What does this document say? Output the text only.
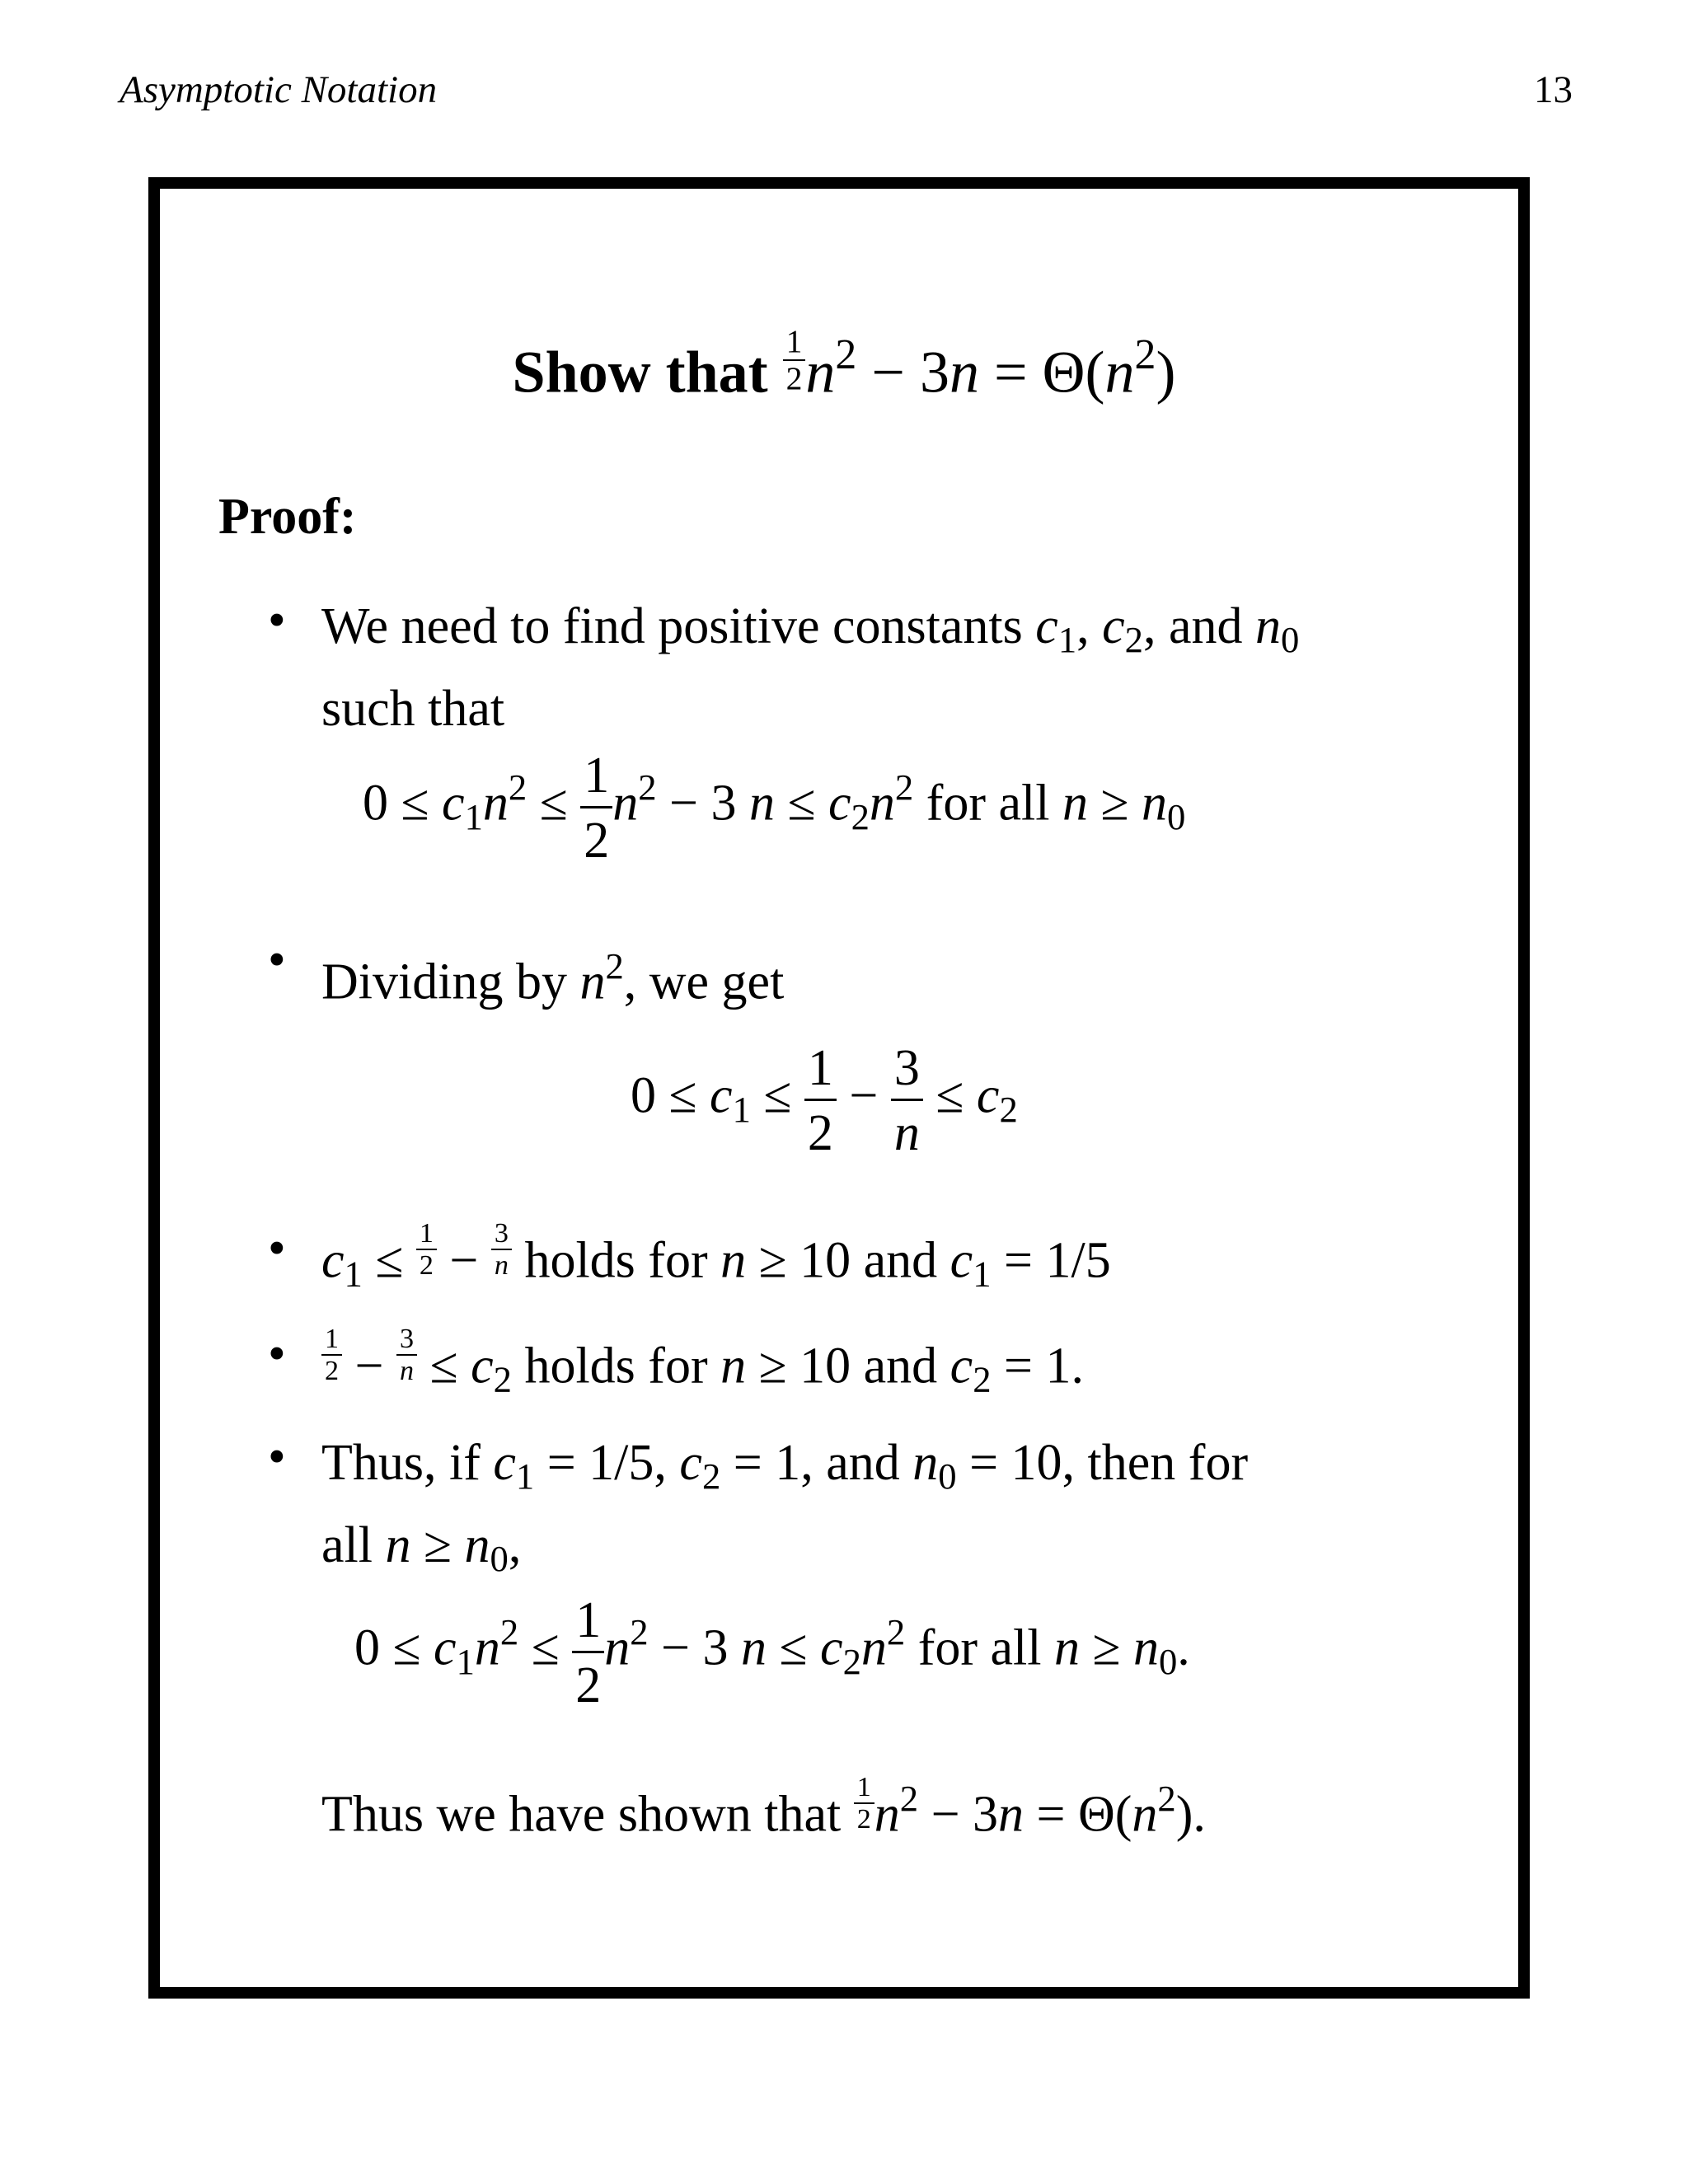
Asymptotic Notation	13
Show that $\frac{1}{2} n^2 - 3n = \Theta(n^2)$
Proof:
• We need to find positive constants $c_1$, $c_2$, and $n_0$
such that
$0 \le c_1n^2 \le \frac{1}{2} n^2 - 3$ $n \le c_2n^2$ for all $n \ge n_0$
• Dividing by $n^2$, we get
$0 \le c_1 \le \frac{1}{2} - \frac{3}{n} \le c_2$
• $c_1 \le \frac{1}{2} - \frac{3}{n}$ holds for n ≥ 10 and $c_1 = 1/5$
• $\frac{1}{2} - \frac{3}{n} \le c_2$ holds for n ≥ 10 and $c_2 = 1$.
• Thus, if $c_1 = 1/5$, $c_2 = 1$, and $n_0 = 10$, then for
all $n \ge n_0$,
$0 \le c_1n^2 \le \frac{1}{2} n^2 - 3$ $n \le c_2n^2$ for all $n \ge n_0$.
Thus we have shown that $\frac{1}{2} n^2 - 3n = \Theta(n^2)$.
